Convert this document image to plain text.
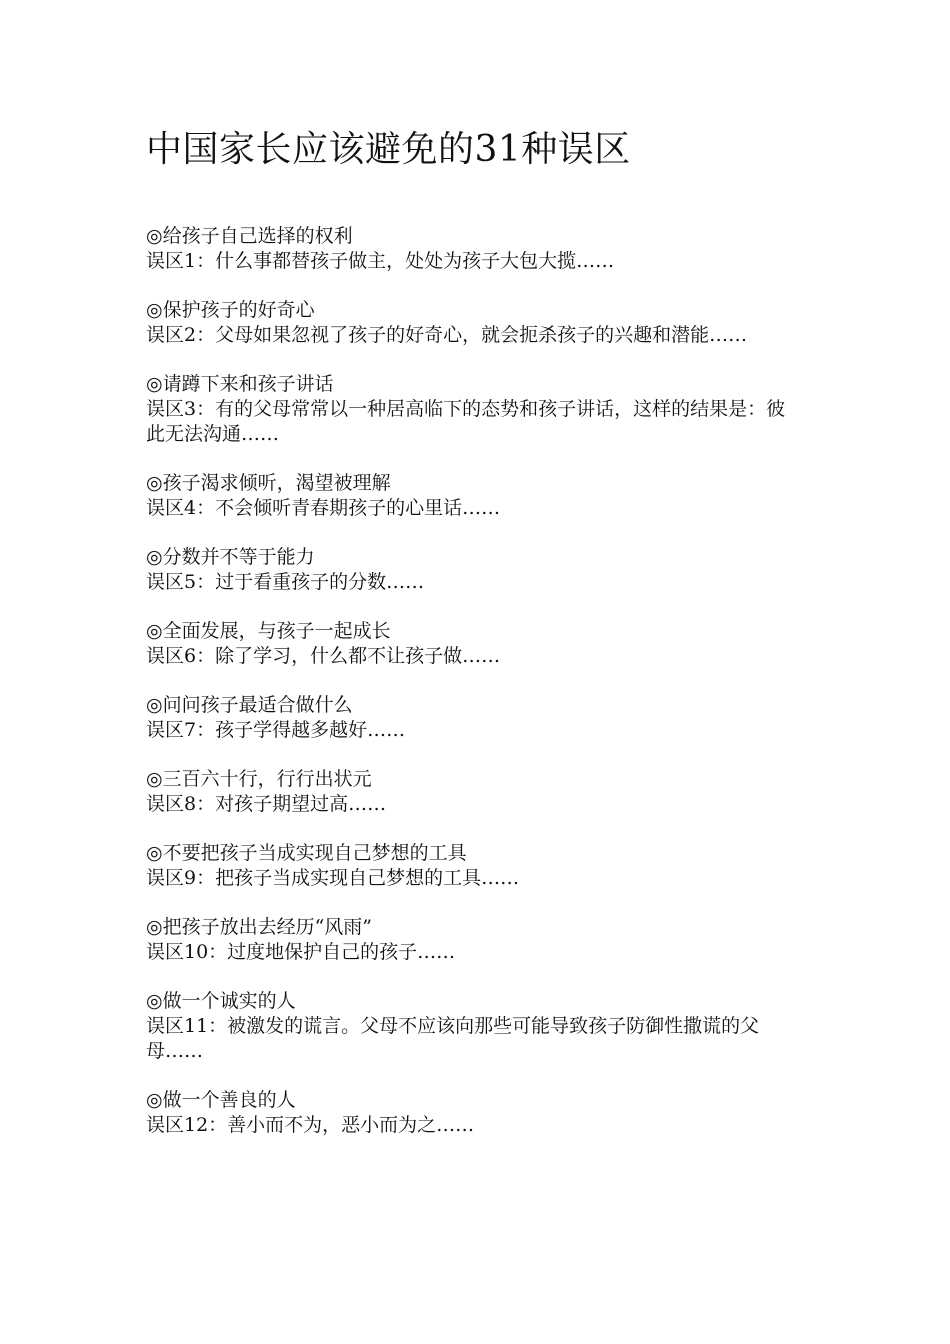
中国家长应该避免的31种误区
◎给孩子自己选择的权利
误区1：什么事都替孩子做主，处处为孩子大包大揽……
◎保护孩子的好奇心
误区2：父母如果忽视了孩子的好奇心，就会扼杀孩子的兴趣和潜能……
◎请蹲下来和孩子讲话
误区3：有的父母常常以一种居高临下的态势和孩子讲话，这样的结果是：彼此无法沟通……
◎孩子渴求倾听，渴望被理解
误区4：不会倾听青春期孩子的心里话……
◎分数并不等于能力
误区5：过于看重孩子的分数……
◎全面发展，与孩子一起成长
误区6：除了学习，什么都不让孩子做……
◎问问孩子最适合做什么
误区7：孩子学得越多越好……
◎三百六十行，行行出状元
误区8：对孩子期望过高……
◎不要把孩子当成实现自己梦想的工具
误区9：把孩子当成实现自己梦想的工具……
◎把孩子放出去经历“风雨”
误区10：过度地保护自己的孩子……
◎做一个诚实的人
误区11：被激发的谎言。父母不应该向那些可能导致孩子防御性撒谎的父母……
◎做一个善良的人
误区12：善小而不为，恶小而为之……
